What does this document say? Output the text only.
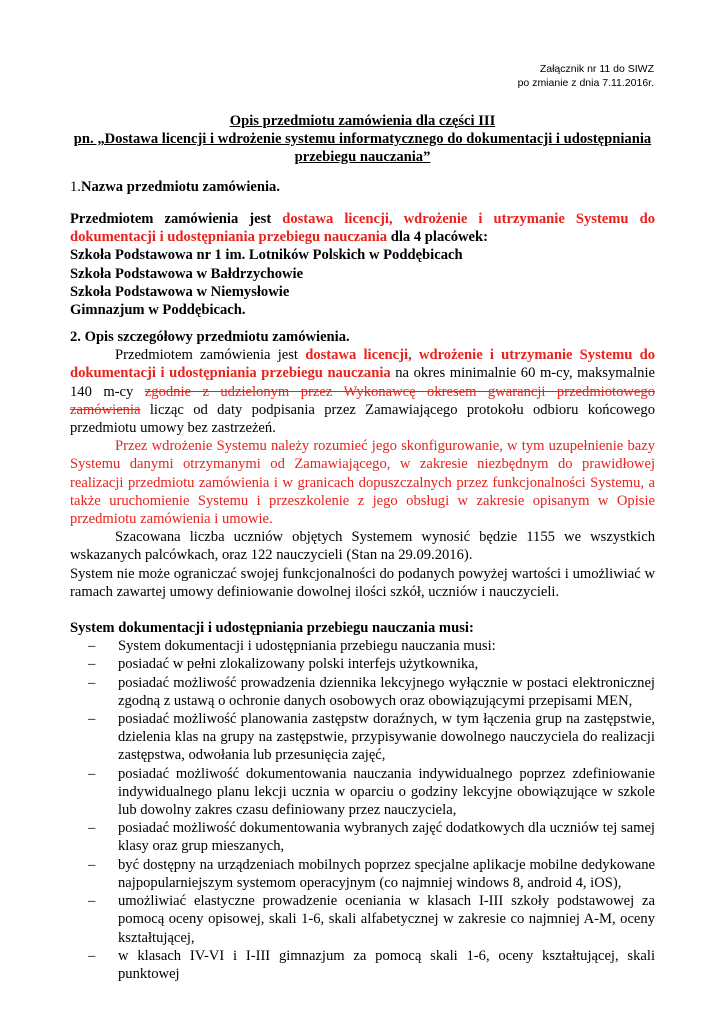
Załącznik nr 11 do SIWZ
po zmianie z dnia 7.11.2016r.
Opis przedmiotu zamówienia dla części III
pn. „Dostawa licencji i wdrożenie systemu informatycznego do dokumentacji i udostępniania przebiegu nauczania”
1.Nazwa przedmiotu zamówienia.

Przedmiotem zamówienia jest dostawa licencji, wdrożenie i utrzymanie Systemu do dokumentacji i udostępniania przebiegu nauczania dla 4 placówek:

Szkoła Podstawowa nr 1 im. Lotników Polskich w Poddębicach

Szkoła Podstawowa w Bałdrzychowie

Szkoła Podstawowa w Niemysłowie

Gimnazjum w Poddębicach.

2. Opis szczegółowy przedmiotu zamówienia.

Przedmiotem zamówienia jest dostawa licencji, wdrożenie i utrzymanie Systemu do dokumentacji i udostępniania przebiegu nauczania na okres minimalnie 60 m-cy, maksymalnie 140 m-cy zgodnie z udzielonym przez Wykonawcę okresem gwarancji przedmiotowego zamówienia licząc od daty podpisania przez Zamawiającego protokołu odbioru końcowego przedmiotu umowy bez zastrzeżeń.

Przez wdrożenie Systemu należy rozumieć jego skonfigurowanie, w tym uzupełnienie bazy Systemu danymi otrzymanymi od Zamawiającego, w zakresie niezbędnym do prawidłowej realizacji przedmiotu zamówienia i w granicach dopuszczalnych przez funkcjonalności Systemu, a także uruchomienie Systemu i przeszkolenie z jego obsługi w zakresie opisanym w Opisie przedmiotu zamówienia i umowie.

Szacowana liczba uczniów objętych Systemem wynosić będzie 1155 we wszystkich wskazanych palcówkach, oraz 122 nauczycieli (Stan na 29.09.2016).

System nie może ograniczać swojej funkcjonalności do podanych powyżej wartości i umożliwiać w ramach zawartej umowy definiowanie dowolnej ilości szkół, uczniów i nauczycieli.

System dokumentacji i udostępniania przebiegu nauczania musi:

– System dokumentacji i udostępniania przebiegu nauczania musi:
– posiadać w pełni zlokalizowany polski interfejs użytkownika,
– posiadać możliwość prowadzenia dziennika lekcyjnego wyłącznie w postaci elektronicznej zgodną z ustawą o ochronie danych osobowych oraz obowiązującymi przepisami MEN,
– posiadać możliwość planowania zastępstw doraźnych, w tym łączenia grup na zastępstwie, dzielenia klas na grupy na zastępstwie, przypisywanie dowolnego nauczyciela do realizacji zastępstwa, odwołania lub przesunięcia zajęć,
– posiadać możliwość dokumentowania nauczania indywidualnego poprzez zdefiniowanie indywidualnego planu lekcji ucznia w oparciu o godziny lekcyjne obowiązujące w szkole lub dowolny zakres czasu definiowany przez nauczyciela,
– posiadać możliwość dokumentowania wybranych zajęć dodatkowych dla uczniów tej samej klasy oraz grup mieszanych,
– być dostępny na urządzeniach mobilnych poprzez specjalne aplikacje mobilne dedykowane najpopularniejszym systemom operacyjnym (co najmniej windows 8, android 4, iOS),
– umożliwiać elastyczne prowadzenie oceniania w klasach I-III szkoły podstawowej za pomocą oceny opisowej, skali 1-6, skali alfabetycznej w zakresie co najmniej A-M, oceny kształtującej,
– w klasach IV-VI i I-III gimnazjum za pomocą skali 1-6, oceny kształtującej, skali punktowej
